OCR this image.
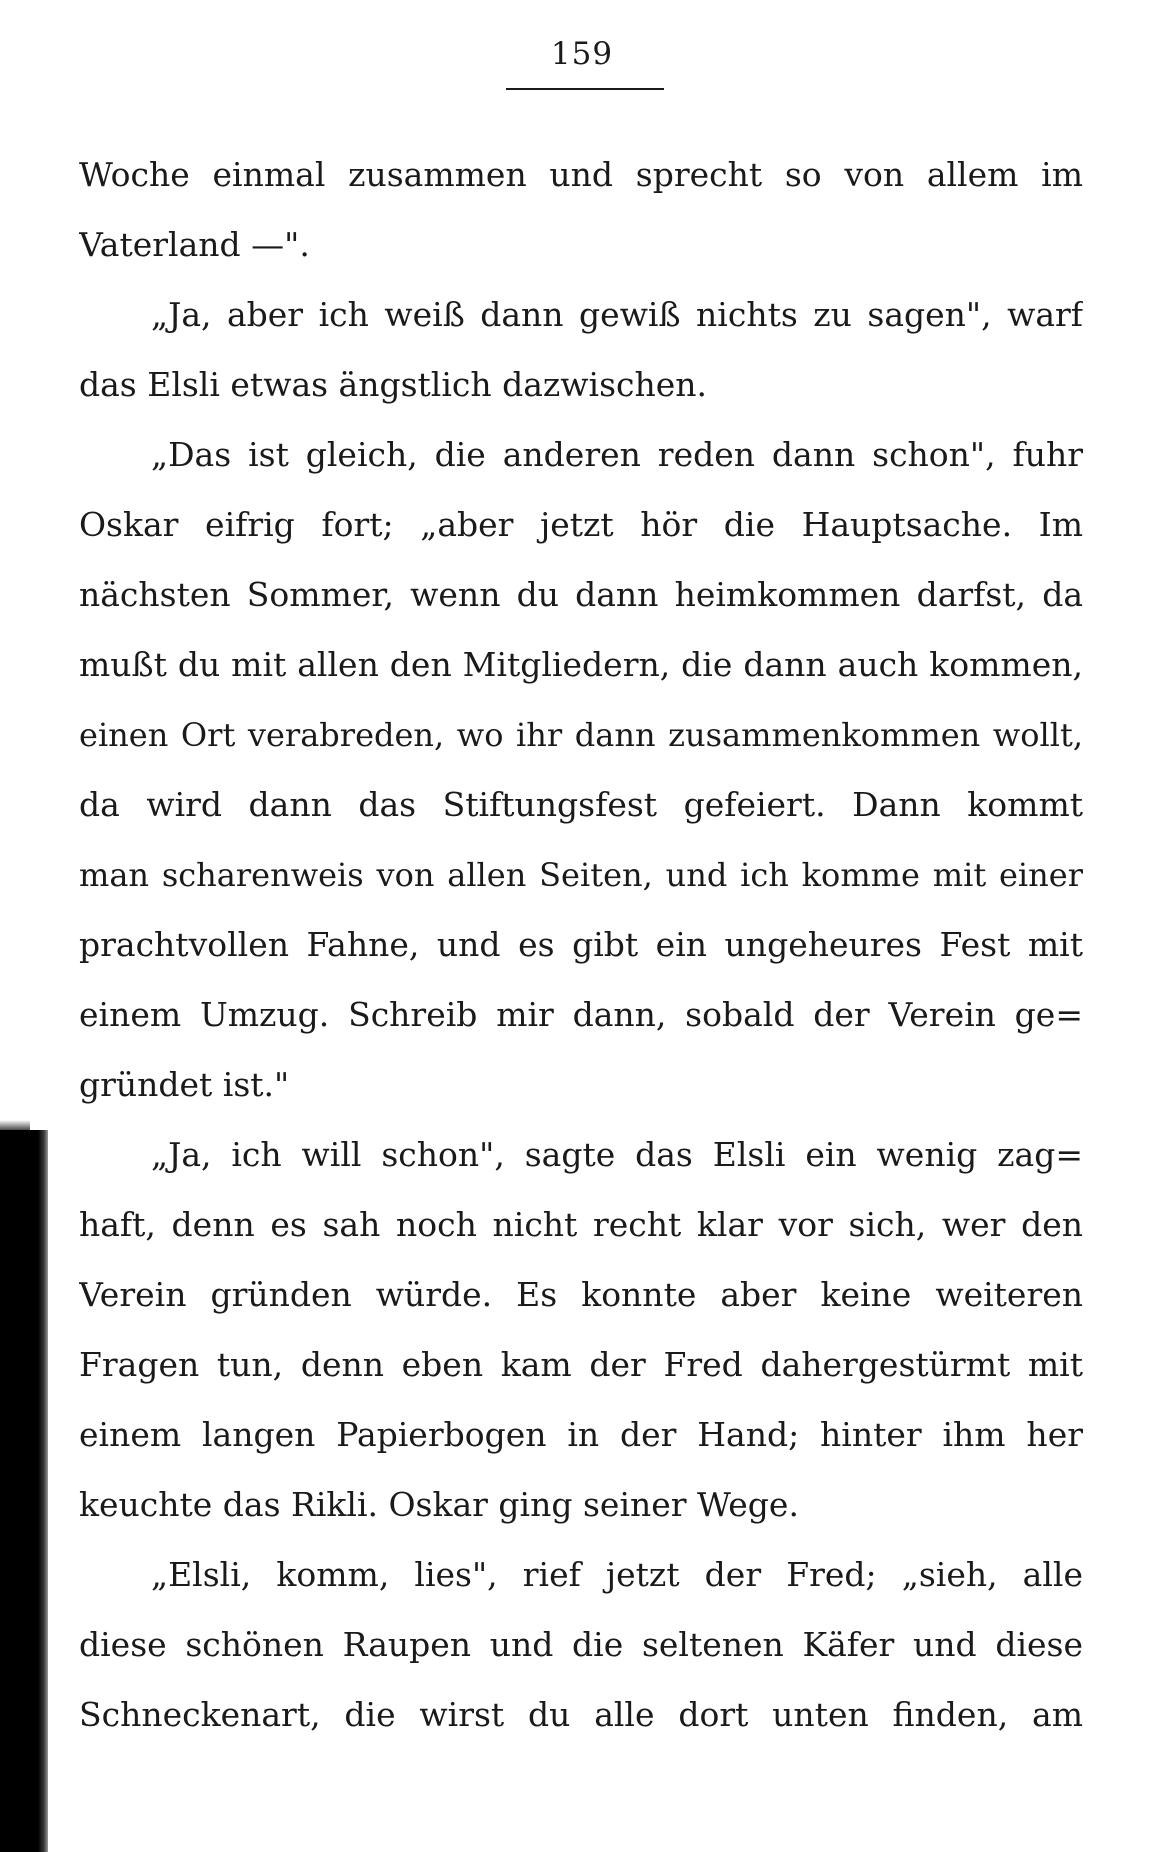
159
Woche einmal zusammen und sprecht so von allem im
Vaterland —".
„Ja, aber ich weiß dann gewiß nichts zu sagen", warf
das Elsli etwas ängstlich dazwischen.
„Das ist gleich, die anderen reden dann schon", fuhr
Oskar eifrig fort; „aber jetzt hör die Hauptsache. Im
nächsten Sommer, wenn du dann heimkommen darfst, da
mußt du mit allen den Mitgliedern, die dann auch kommen,
einen Ort verabreden, wo ihr dann zusammenkommen wollt,
da wird dann das Stiftungsfest gefeiert. Dann kommt
man scharenweis von allen Seiten, und ich komme mit einer
prachtvollen Fahne, und es gibt ein ungeheures Fest mit
einem Umzug. Schreib mir dann, sobald der Verein ge=
gründet ist."
„Ja, ich will schon", sagte das Elsli ein wenig zag=
haft, denn es sah noch nicht recht klar vor sich, wer den
Verein gründen würde. Es konnte aber keine weiteren
Fragen tun, denn eben kam der Fred dahergestürmt mit
einem langen Papierbogen in der Hand; hinter ihm her
keuchte das Rikli. Oskar ging seiner Wege.
„Elsli, komm, lies", rief jetzt der Fred; „sieh, alle
diese schönen Raupen und die seltenen Käfer und diese
Schneckenart, die wirst du alle dort unten finden, am
